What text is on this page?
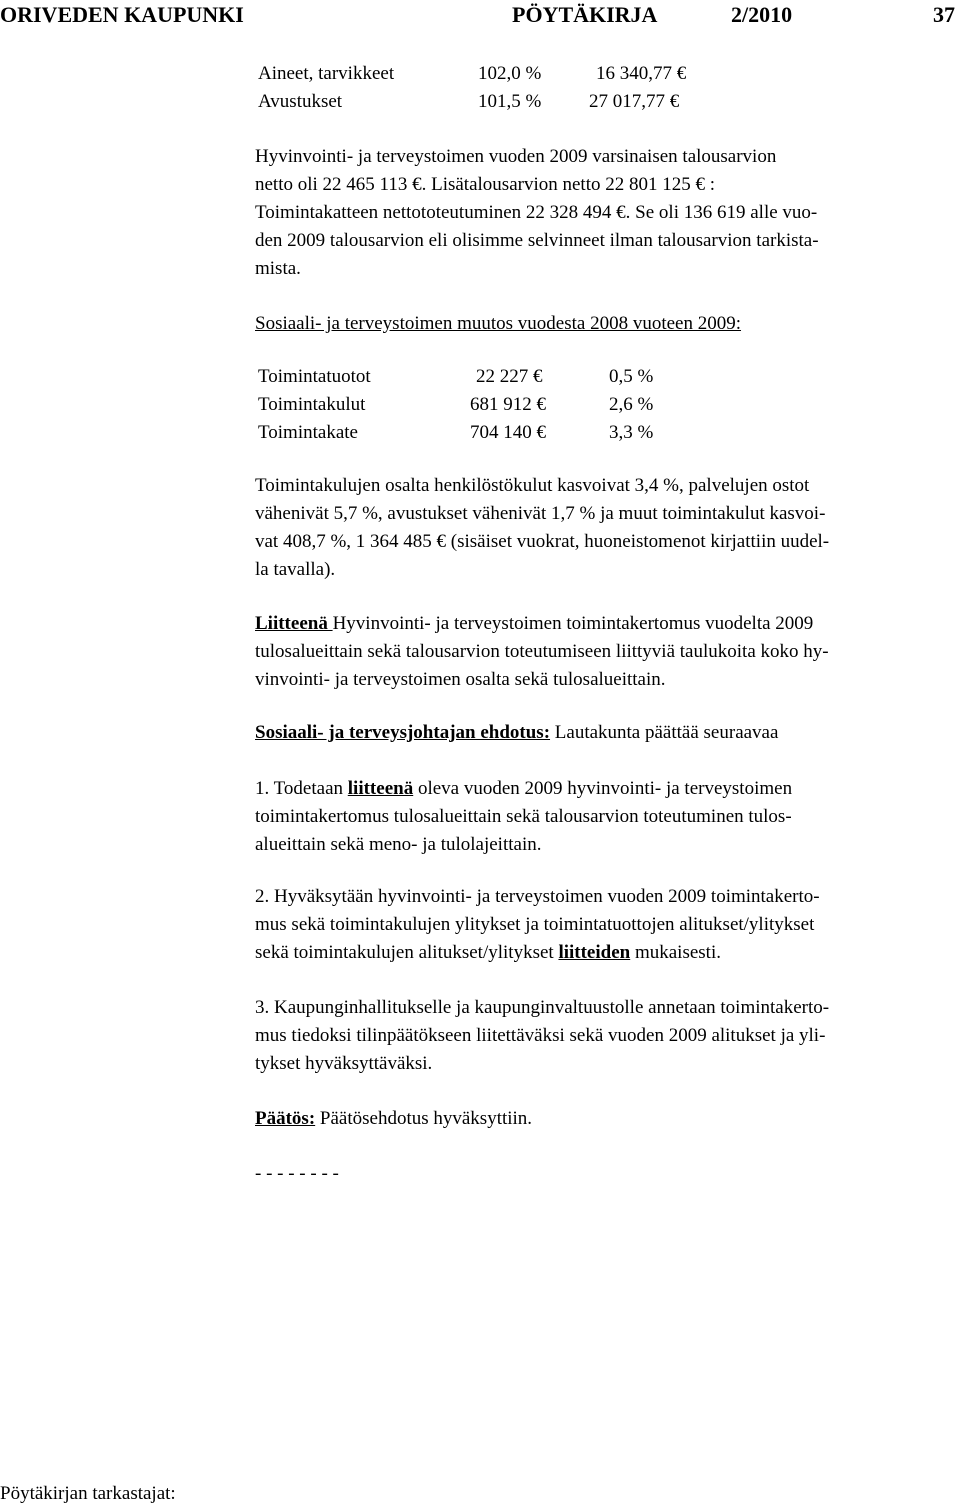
ORIVEDEN KAUPUNKI	PÖYTÄKIRJA	2/2010	37
Aineet, tarvikkeet	102,0 %	16 340,77 €
Avustukset	101,5 %	27 017,77 €
Hyvinvointi- ja terveystoimen vuoden 2009 varsinaisen talousarvion
netto oli 22 465 113 €. Lisätalousarvion netto 22 801 125 € :
Toimintakatteen nettototeutuminen 22 328 494 €. Se oli 136 619 alle vuo-
den 2009 talousarvion eli olisimme selvinneet ilman talousarvion tarkista-
mista.
Sosiaali- ja terveystoimen muutos vuodesta 2008 vuoteen 2009:
Toimintatuotot	22 227 €	0,5 %
Toimintakulut	681 912 €	2,6 %
Toimintakate	704 140 €	3,3 %
Toimintakulujen osalta henkilöstökulut kasvoivat 3,4 %, palvelujen ostot
vähenivät 5,7 %, avustukset vähenivät 1,7 % ja muut toimintakulut kasvoi-
vat 408,7 %, 1 364 485 € (sisäiset vuokrat, huoneistomenot kirjattiin uudel-
la tavalla).
Liitteenä Hyvinvointi- ja terveystoimen toimintakertomus vuodelta 2009
tulosalueittain sekä talousarvion toteutumiseen liittyviä taulukoita koko hy-
vinvointi- ja terveystoimen osalta sekä tulosalueittain.
Sosiaali- ja terveysjohtajan ehdotus: Lautakunta päättää seuraavaa
1. Todetaan liitteenä oleva vuoden 2009 hyvinvointi- ja terveystoimen
toimintakertomus tulosalueittain sekä talousarvion toteutuminen tulos-
alueittain sekä meno- ja tulolajeittain.
2. Hyväksytään hyvinvointi- ja terveystoimen vuoden 2009 toimintakerto-
mus sekä toimintakulujen ylitykset ja toimintatuottojen alitukset/ylitykset
sekä toimintakulujen alitukset/ylitykset liitteiden mukaisesti.
3. Kaupunginhallitukselle ja kaupunginvaltuustolle annetaan toimintakerto-
mus tiedoksi tilinpäätökseen liitettäväksi sekä vuoden 2009 alitukset ja yli-
tykset hyväksyttäväksi.
Päätös: Päätösehdotus hyväksyttiin.
- - - - - - - -
Pöytäkirjan tarkastajat:
